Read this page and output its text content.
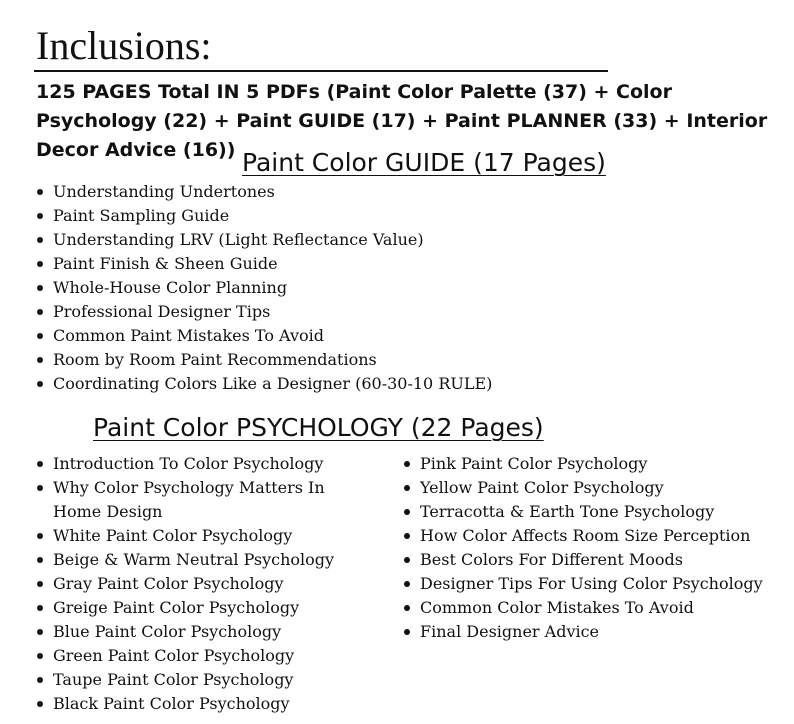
Inclusions:
125 PAGES Total IN 5 PDFs (Paint Color Palette (37) + Color Psychology (22) + Paint GUIDE (17) + Paint PLANNER (33) + Interior Decor Advice (16)) Paint Color GUIDE (17 Pages)
Understanding Undertones
Paint Sampling Guide
Understanding LRV (Light Reflectance Value)
Paint Finish & Sheen Guide
Whole-House Color Planning
Professional Designer Tips
Common Paint Mistakes To Avoid
Room by Room Paint Recommendations
Coordinating Colors Like a Designer (60-30-10 RULE)
Paint Color PSYCHOLOGY (22 Pages)
Introduction To Color Psychology
Why Color Psychology Matters In Home Design
White Paint Color Psychology
Beige & Warm Neutral Psychology
Gray Paint Color Psychology
Greige Paint Color Psychology
Blue Paint Color Psychology
Green Paint Color Psychology
Taupe Paint Color Psychology
Black Paint Color Psychology
Pink Paint Color Psychology
Yellow Paint Color Psychology
Terracotta & Earth Tone Psychology
How Color Affects Room Size Perception
Best Colors For Different Moods
Designer Tips For Using Color Psychology
Common Color Mistakes To Avoid
Final Designer Advice
